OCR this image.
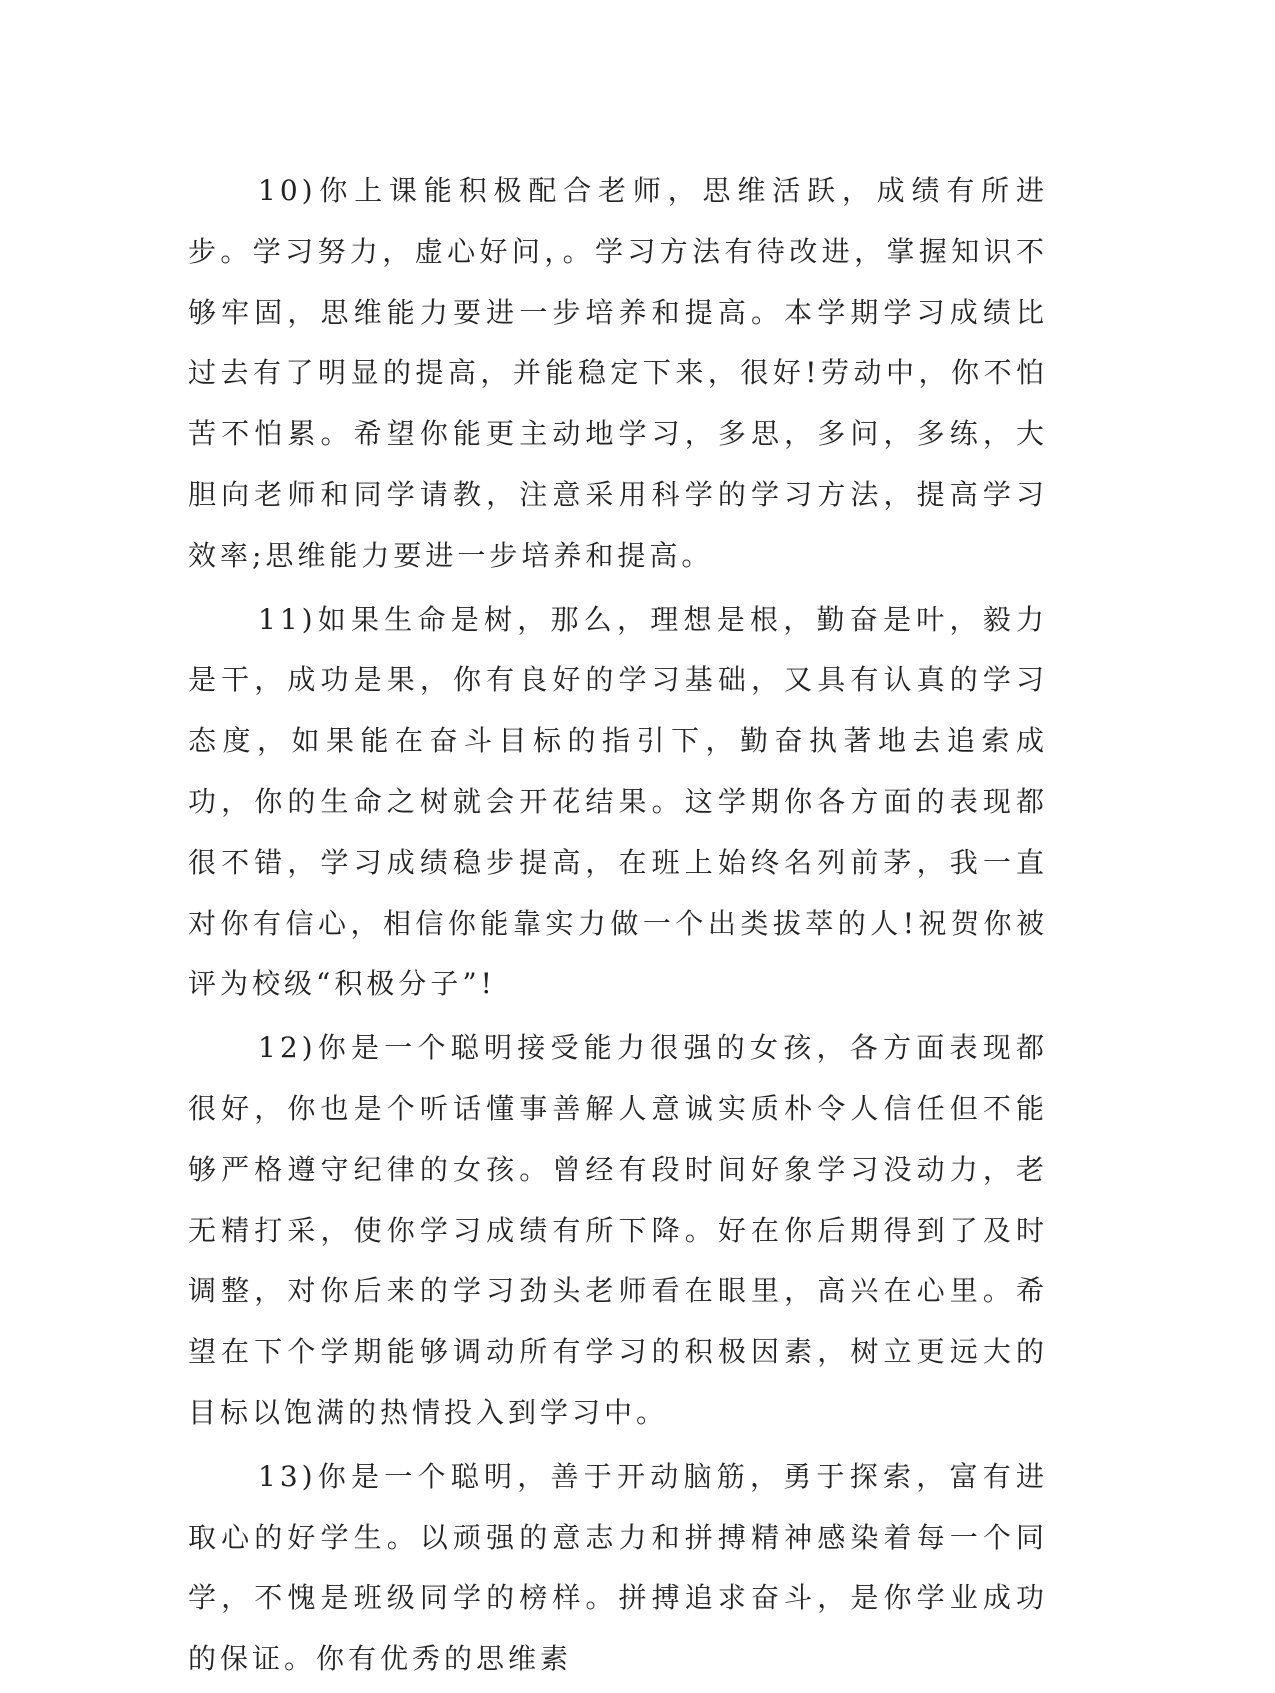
10)你上课能积极配合老师，思维活跃，成绩有所进步。学习努力，虚心好问，。学习方法有待改进，掌握知识不够牢固，思维能力要进一步培养和提高。本学期学习成绩比过去有了明显的提高，并能稳定下来，很好!劳动中，你不怕苦不怕累。希望你能更主动地学习，多思，多问，多练，大胆向老师和同学请教，注意采用科学的学习方法，提高学习效率;思维能力要进一步培养和提高。

11)如果生命是树，那么，理想是根，勤奋是叶，毅力是干，成功是果，你有良好的学习基础，又具有认真的学习态度，如果能在奋斗目标的指引下，勤奋执著地去追索成功，你的生命之树就会开花结果。这学期你各方面的表现都很不错，学习成绩稳步提高，在班上始终名列前茅，我一直对你有信心，相信你能靠实力做一个出类拔萃的人!祝贺你被评为校级“积极分子”!

12)你是一个聪明接受能力很强的女孩，各方面表现都很好，你也是个听话懂事善解人意诚实质朴令人信任但不能够严格遵守纪律的女孩。曾经有段时间好象学习没动力，老无精打采，使你学习成绩有所下降。好在你后期得到了及时调整，对你后来的学习劲头老师看在眼里，高兴在心里。希望在下个学期能够调动所有学习的积极因素，树立更远大的目标以饱满的热情投入到学习中。

13)你是一个聪明，善于开动脑筋，勇于探索，富有进取心的好学生。以顽强的意志力和拼搏精神感染着每一个同学，不愧是班级同学的榜样。拼搏追求奋斗，是你学业成功的保证。你有优秀的思维素
